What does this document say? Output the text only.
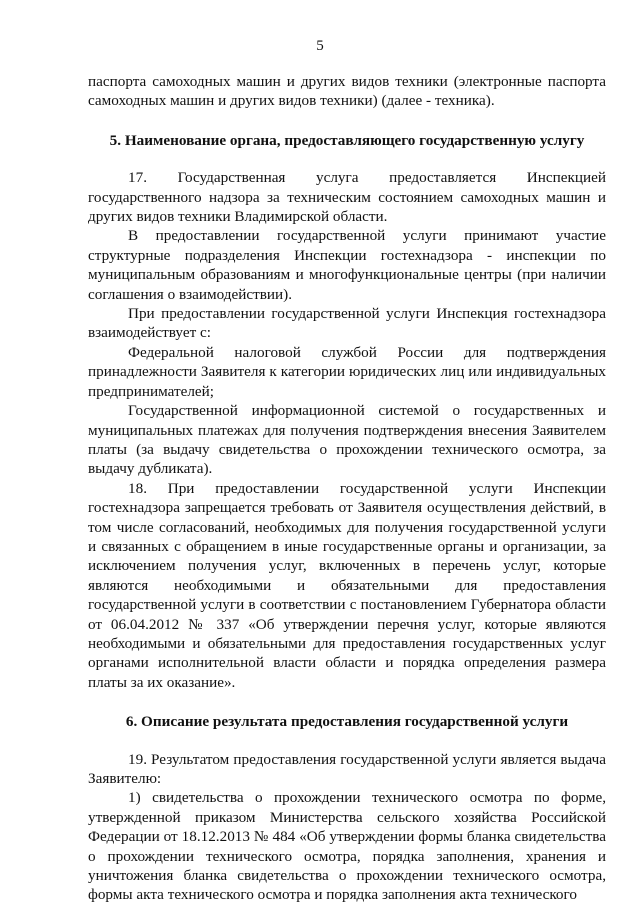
5

паспорта самоходных машин и других видов техники (электронные паспорта самоходных машин и других видов техники) (далее - техника).

5. Наименование органа, предоставляющего государственную услугу

17. Государственная услуга предоставляется Инспекцией государственного надзора за техническим состоянием самоходных машин и других видов техники Владимирской области.

В предоставлении государственной услуги принимают участие структурные подразделения Инспекции гостехнадзора - инспекции по муниципальным образованиям и многофункциональные центры (при наличии соглашения о взаимодействии).

При предоставлении государственной услуги Инспекция гостехнадзора взаимодействует с:

Федеральной налоговой службой России для подтверждения принадлежности Заявителя к категории юридических лиц или индивидуальных предпринимателей;

Государственной информационной системой о государственных и муниципальных платежах для получения подтверждения внесения Заявителем платы (за выдачу свидетельства о прохождении технического осмотра, за выдачу дубликата).

18. При предоставлении государственной услуги Инспекции гостехнадзора запрещается требовать от Заявителя осуществления действий, в том числе согласований, необходимых для получения государственной услуги и связанных с обращением в иные государственные органы и организации, за исключением получения услуг, включенных в перечень услуг, которые являются необходимыми и обязательными для предоставления государственной услуги в соответствии с постановлением Губернатора области от 06.04.2012 № 337 «Об утверждении перечня услуг, которые являются необходимыми и обязательными для предоставления государственных услуг органами исполнительной власти области и порядка определения размера платы за их оказание».

6. Описание результата предоставления государственной услуги

19. Результатом предоставления государственной услуги является выдача Заявителю:

1) свидетельства о прохождении технического осмотра по форме, утвержденной приказом Министерства сельского хозяйства Российской Федерации от 18.12.2013 № 484 «Об утверждении формы бланка свидетельства о прохождении технического осмотра, порядка заполнения, хранения и уничтожения бланка свидетельства о прохождении технического осмотра, формы акта технического осмотра и порядка заполнения акта технического
